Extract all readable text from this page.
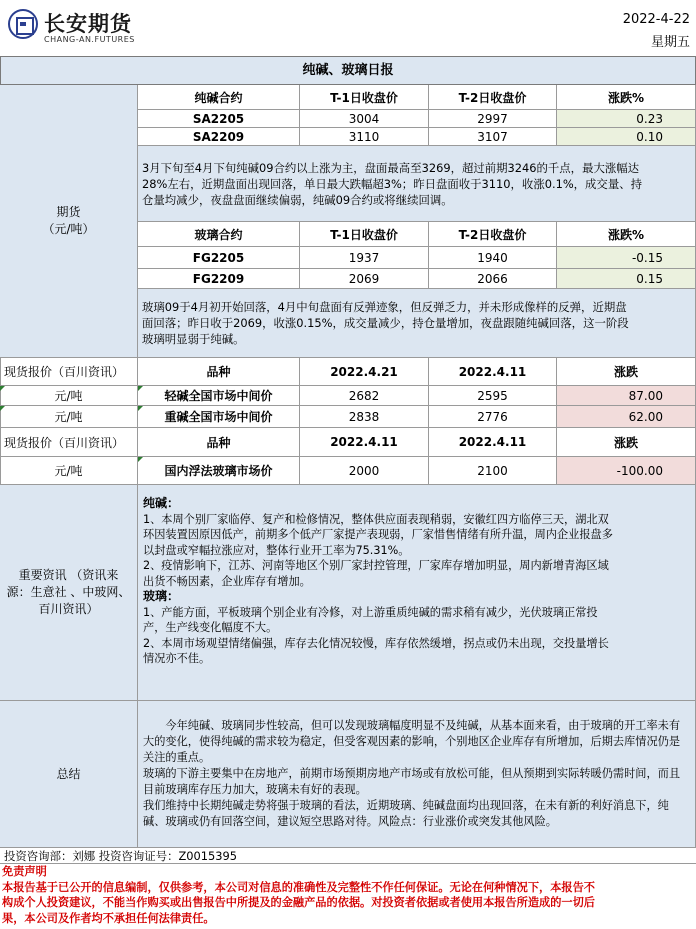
长安期货
CHANG-AN.FUTURES
2022-4-22
星期五
纯碱、玻璃日报
期货
（元/吨）
纯碱合约	T-1日收盘价	T-2日收盘价	涨跌%
SA2205	3004	2997	0.23
SA2209	3110	3107	0.10
3月下旬至4月下旬纯碱09合约以上涨为主，盘面最高至3269，超过前期3246的千点，最大涨幅达
28%左右，近期盘面出现回落，单日最大跌幅超3%；昨日盘面收于3110，收涨0.1%，成交量、持
仓量均减少，夜盘盘面继续偏弱，纯碱09合约或将继续回调。
玻璃合约	T-1日收盘价	T-2日收盘价	涨跌%
FG2205	1937	1940	-0.15
FG2209	2069	2066	0.15
玻璃09于4月初开始回落，4月中旬盘面有反弹迹象，但反弹乏力，并未形成像样的反弹，近期盘
面回落；昨日收于2069，收涨0.15%，成交量减少，持仓量增加，夜盘跟随纯碱回落，这一阶段
玻璃明显弱于纯碱。
现货报价（百川资讯）	品种	2022.4.21	2022.4.11	涨跌
元/吨	轻碱全国市场中间价	2682	2595	87.00
元/吨	重碱全国市场中间价	2838	2776	62.00
现货报价（百川资讯）	品种	2022.4.11	2022.4.11	涨跌
元/吨	国内浮法玻璃市场价	2000	2100	-100.00
重要资讯 （资讯来
源：生意社 、中玻网、
百川资讯）
纯碱：
1、本周个别厂家临停、复产和检修情况，整体供应面表现稍弱，安徽红四方临停三天，湖北双
环因装置因原因低产，前期多个低产厂家提产表现弱，厂家惜售情绪有所升温，周内企业报盘多
以封盘或窄幅拉涨应对，整体行业开工率为75.31%。
2、疫情影响下，江苏、河南等地区个别厂家封控管理，厂家库存增加明显，周内新增青海区域
出货不畅因素，企业库存有增加。
玻璃：
1、产能方面，平板玻璃个别企业有冷修，对上游重质纯碱的需求稍有减少，光伏玻璃正常投
产，生产线变化幅度不大。
2、本周市场观望情绪偏强，库存去化情况较慢，库存依然缓增，拐点或仍未出现，交投量增长
情况亦不佳。
总结

今年纯碱、玻璃同步性较高，但可以发现玻璃幅度明显不及纯碱，从基本面来看，由于玻璃的开工率未有大的变化，使得纯碱的需求较为稳定，但受客观因素的影响，个别地区企业库存有所增加，后期去库情况仍是关注的重点。

玻璃的下游主要集中在房地产，前期市场预期房地产市场或有放松可能，但从预期到实际转暖仍需时间，而且目前玻璃库存压力加大，玻璃未有好的表现。

我们维持中长期纯碱走势将强于玻璃的看法，近期玻璃、纯碱盘面均出现回落，在未有新的利好消息下，纯碱、玻璃或仍有回落空间，建议短空思路对待。风险点：行业涨价或突发其他风险。

投资咨询部：刘娜 投资咨询证号：Z0015395
免责声明
本报告基于已公开的信息编制，仅供参考，本公司对信息的准确性及完整性不作任何保证。无论在何种情况下，本报告不
构成个人投资建议，不能当作购买或出售报告中所提及的金融产品的依据。对投资者依据或者使用本报告所造成的一切后
果，本公司及作者均不承担任何法律责任。
